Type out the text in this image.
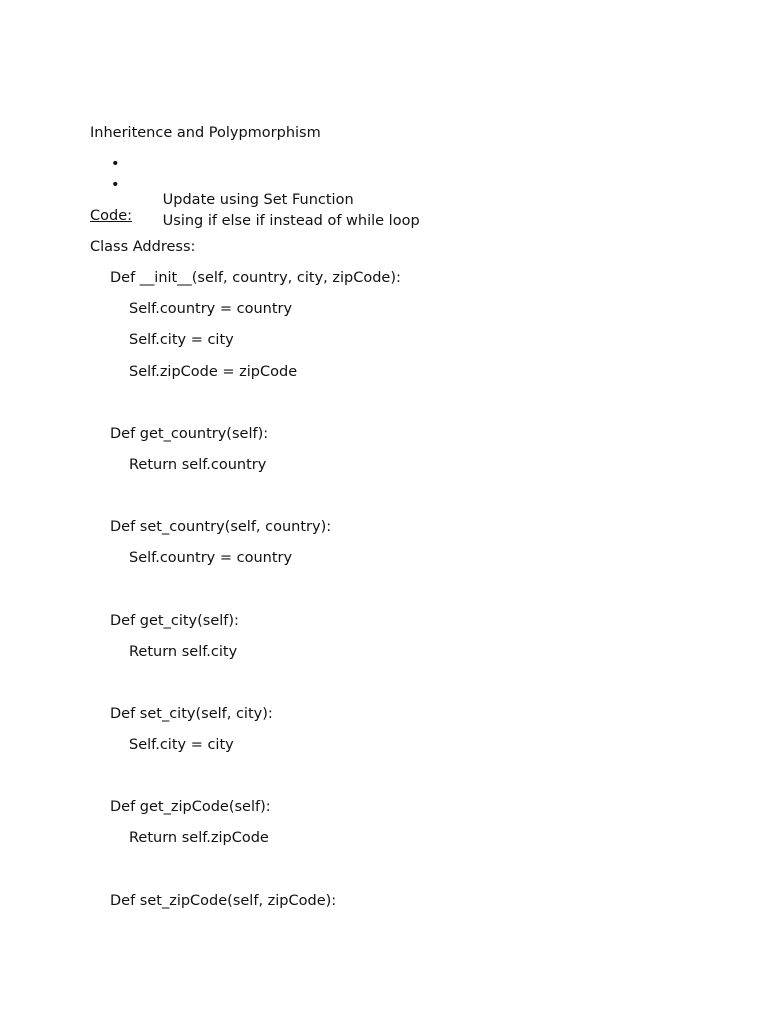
Inheritence and Polypmorphism

•

Update using Set Function

•

Using if else if instead of while loop

Code:
Class Address:
Def __init__(self, country, city, zipCode):
Self.country = country
Self.city = city
Self.zipCode = zipCode
Def get_country(self):
Return self.country
Def set_country(self, country):
Self.country = country
Def get_city(self):
Return self.city
Def set_city(self, city):
Self.city = city
Def get_zipCode(self):
Return self.zipCode
Def set_zipCode(self, zipCode):
